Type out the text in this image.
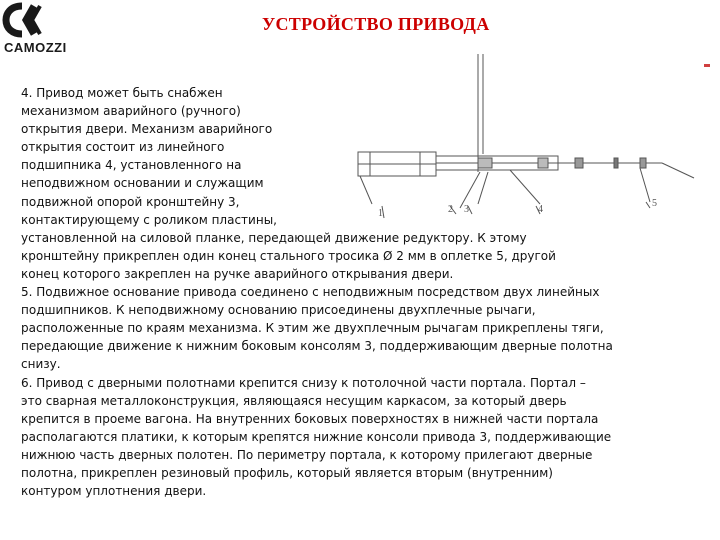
CAMOZZI
УСТРОЙСТВО ПРИВОДА
1	2 3	4
5
4. Привод может быть снабжен
механизмом аварийного (ручного)
открытия двери. Механизм аварийного
открытия состоит из линейного
подшипника 4, установленного на
неподвижном основании и служащим
подвижной опорой кронштейну 3,
контактирующему с роликом пластины,
установленной на силовой планке, передающей движение редуктору. К этому
кронштейну прикреплен один конец стального тросика Ø 2 мм в оплетке 5, другой
конец которого закреплен на ручке аварийного открывания двери.
5. Подвижное основание привода соединено с неподвижным посредством двух линейных
подшипников. К неподвижному основанию присоединены двухплечные рычаги,
расположенные по краям механизма. К этим же двухплечным рычагам прикреплены тяги,
передающие движение к нижним боковым консолям 3, поддерживающим дверные полотна
снизу.
6. Привод с дверными полотнами крепится снизу к потолочной части портала. Портал –
это сварная металлоконструкция, являющаяся несущим каркасом, за который дверь
крепится в проеме вагона. На внутренних боковых поверхностях в нижней части портала
располагаются платики, к которым крепятся нижние консоли привода 3, поддерживающие
нижнюю часть дверных полотен. По периметру портала, к которому прилегают дверные
полотна, прикреплен резиновый профиль, который является вторым (внутренним)
контуром уплотнения двери.
